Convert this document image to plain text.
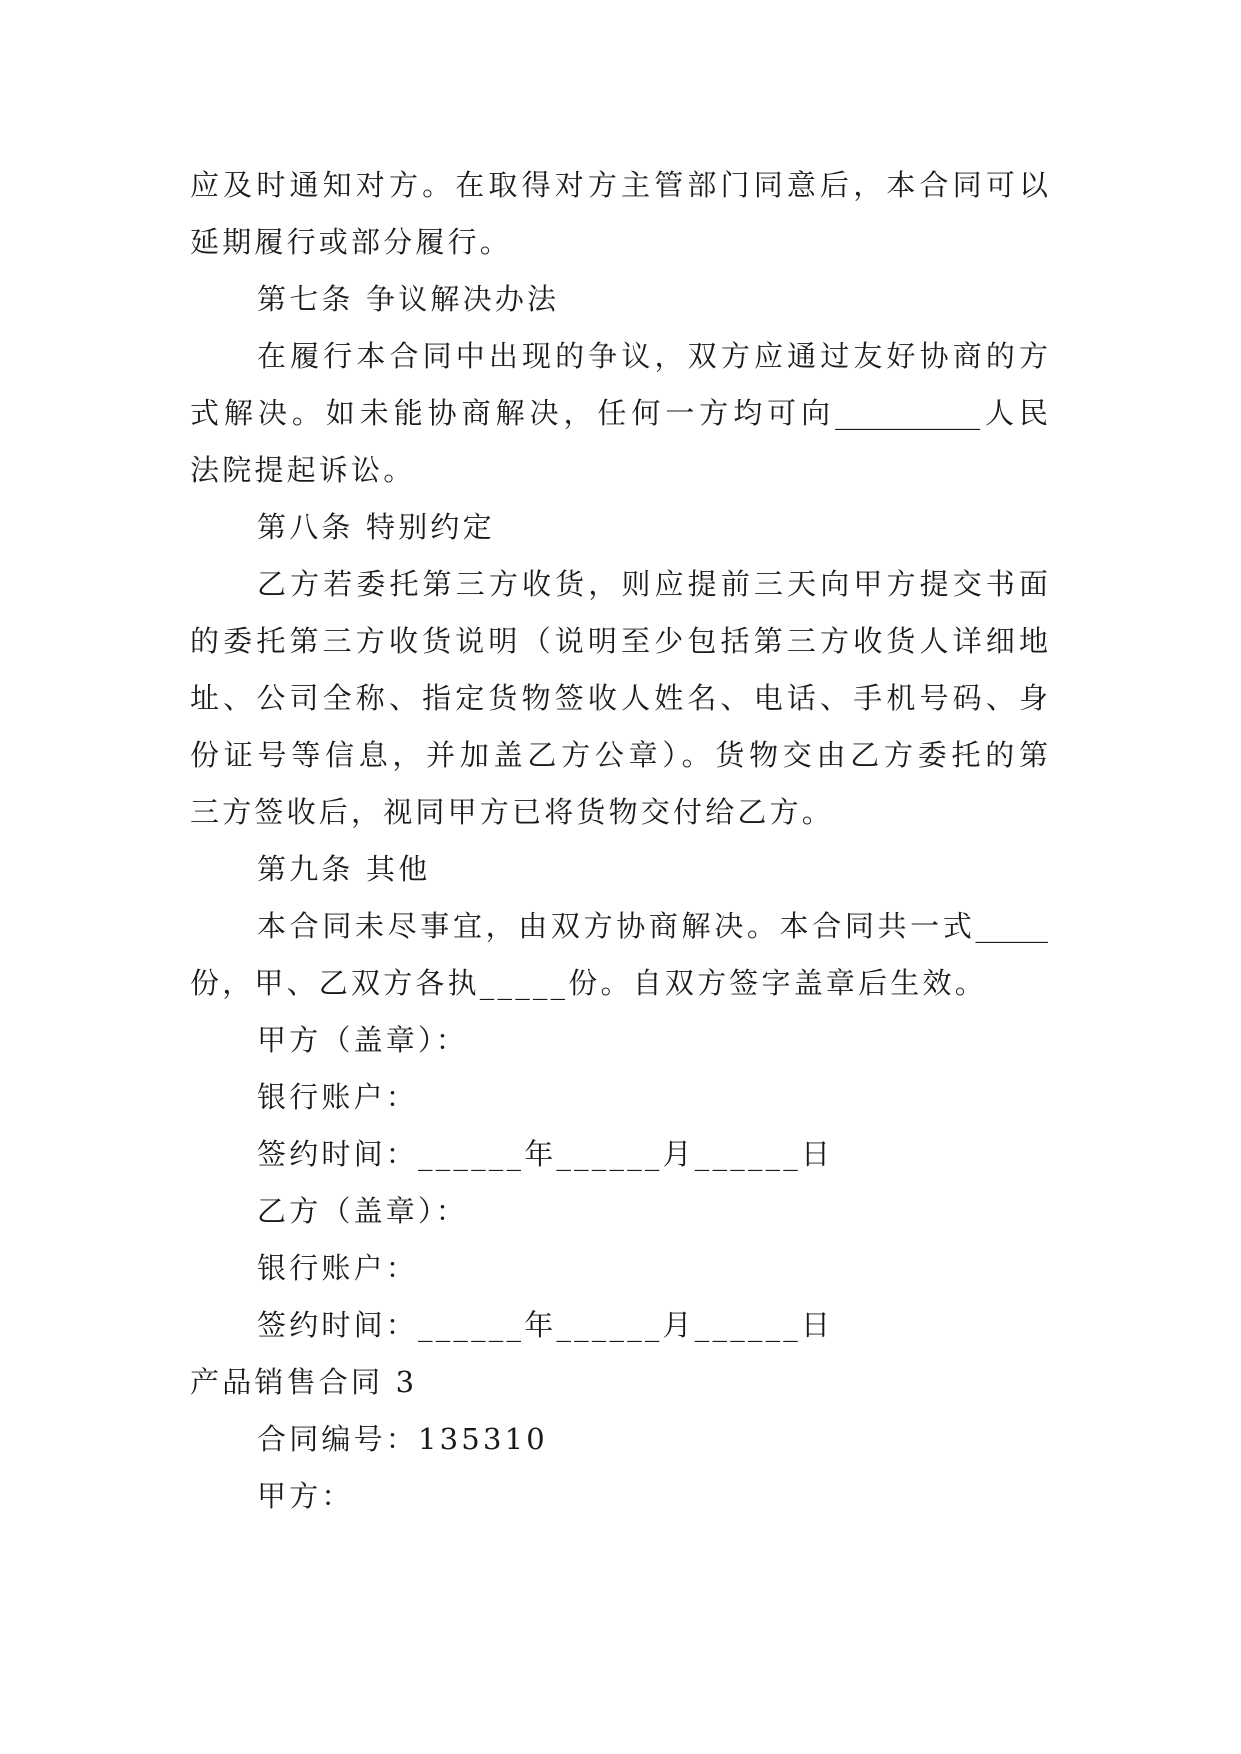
应及时通知对方。在取得对方主管部门同意后，本合同可以
延期履行或部分履行。
第七条 争议解决办法
在履行本合同中出现的争议，双方应通过友好协商的方
式解决。如未能协商解决，任何一方均可向__________人民
法院提起诉讼。
第八条 特别约定
乙方若委托第三方收货，则应提前三天向甲方提交书面
的委托第三方收货说明（说明至少包括第三方收货人详细地
址、公司全称、指定货物签收人姓名、电话、手机号码、身
份证号等信息，并加盖乙方公章）。货物交由乙方委托的第
三方签收后，视同甲方已将货物交付给乙方。
第九条 其他
本合同未尽事宜，由双方协商解决。本合同共一式_____
份，甲、乙双方各执_____份。自双方签字盖章后生效。
甲方（盖章）：
银行账户：
签约时间：______年______月______日
乙方（盖章）：
银行账户：
签约时间：______年______月______日
产品销售合同 3
合同编号：135310
甲方：
